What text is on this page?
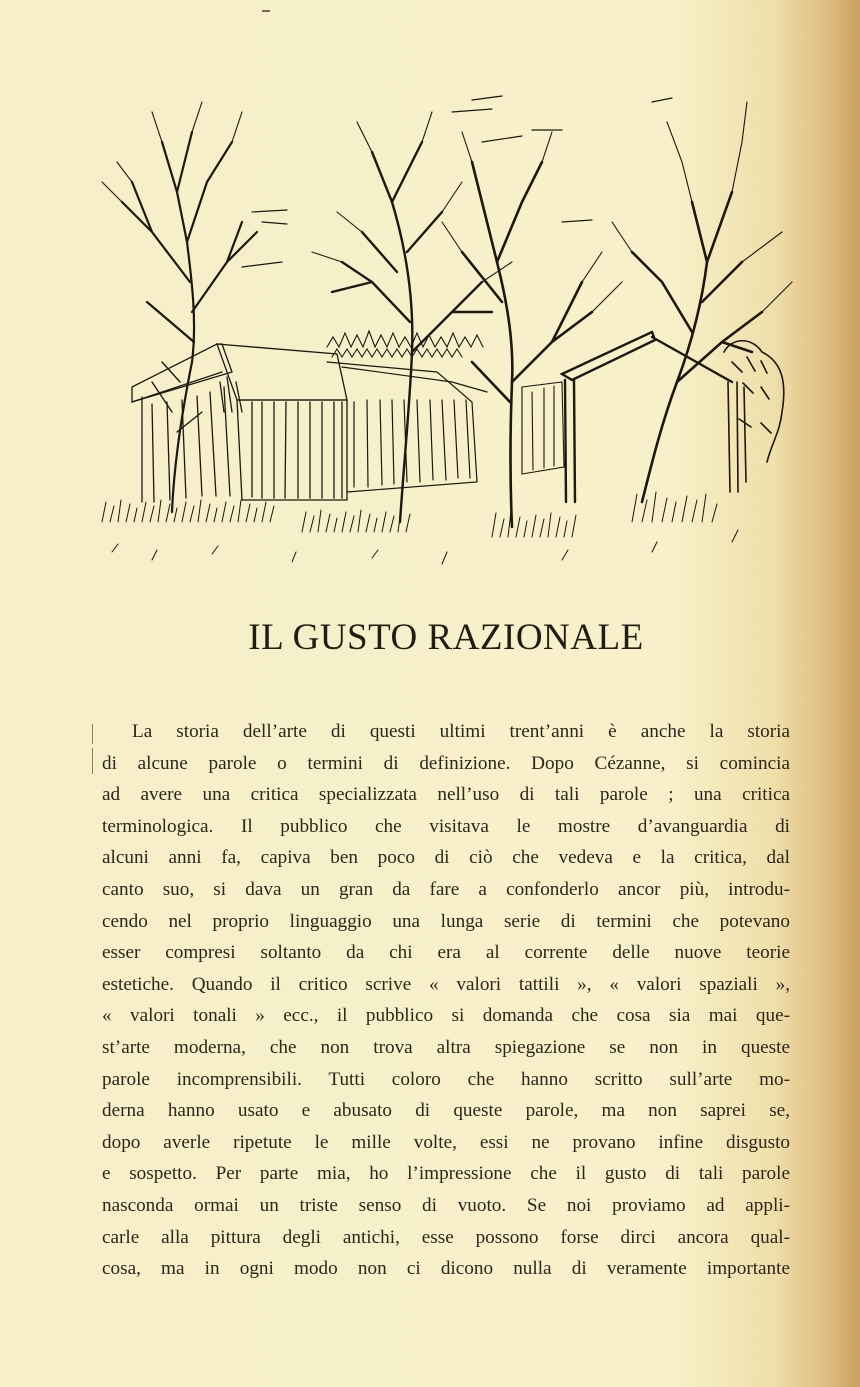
IL GUSTO RAZIONALE
La storia dell’arte di questi ultimi trent’anni è anche la storia
di alcune parole o termini di definizione. Dopo Cézanne, si comincia
ad avere una critica specializzata nell’uso di tali parole ; una critica
terminologica. Il pubblico che visitava le mostre d’avanguardia di
alcuni anni fa, capiva ben poco di ciò che vedeva e la critica, dal
canto suo, si dava un gran da fare a confonderlo ancor più, introdu-
cendo nel proprio linguaggio una lunga serie di termini che potevano
esser compresi soltanto da chi era al corrente delle nuove teorie
estetiche. Quando il critico scrive « valori tattili », « valori spaziali »,
« valori tonali » ecc., il pubblico si domanda che cosa sia mai que-
st’arte moderna, che non trova altra spiegazione se non in queste
parole incomprensibili. Tutti coloro che hanno scritto sull’arte mo-
derna hanno usato e abusato di queste parole, ma non saprei se,
dopo averle ripetute le mille volte, essi ne provano infine disgusto
e sospetto. Per parte mia, ho l’impressione che il gusto di tali parole
nasconda ormai un triste senso di vuoto. Se noi proviamo ad appli-
carle alla pittura degli antichi, esse possono forse dirci ancora qual-
cosa, ma in ogni modo non ci dicono nulla di veramente importante
